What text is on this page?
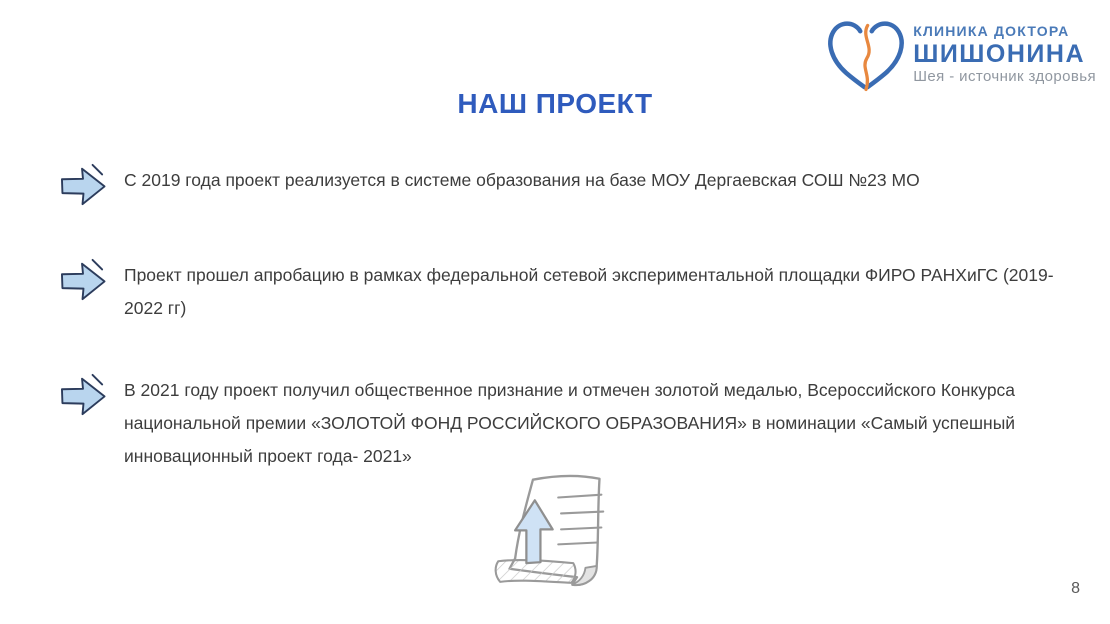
КЛИНИКА ДОКТОРА
ШИШОНИНА
Шея - источник здоровья
НАШ ПРОЕКТ

С 2019 года проект реализуется в системе образования на базе МОУ Дергаевская СОШ №23 МО

Проект прошел апробацию в рамках федеральной сетевой экспериментальной площадки ФИРО РАНХиГС (2019-2022 гг)

В 2021 году проект получил общественное признание и отмечен золотой медалью, Всероссийского Конкурса национальной премии «ЗОЛОТОЙ ФОНД РОССИЙСКОГО ОБРАЗОВАНИЯ» в номинации «Самый успешный инновационный проект года- 2021»

8
